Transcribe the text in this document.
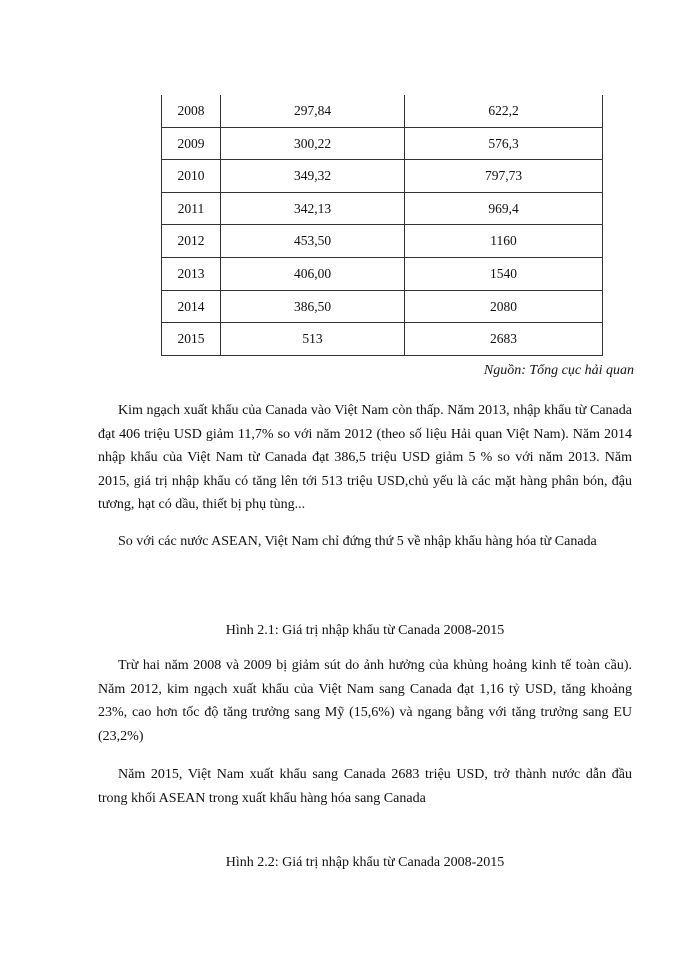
2008	297,84	622,2
2009	300,22	576,3
2010	349,32	797,73
2011	342,13	969,4
2012	453,50	1160
2013	406,00	1540
2014	386,50	2080
2015	513	2683
Nguồn: Tổng cục hải quan

Kim ngạch xuất khẩu của Canada vào Việt Nam còn thấp. Năm 2013, nhập khẩu từ Canada đạt 406 triệu USD giảm 11,7% so với năm 2012 (theo số liệu Hải quan Việt Nam). Năm 2014 nhập khẩu của Việt Nam từ Canada đạt 386,5 triệu USD giảm 5 % so với năm 2013. Năm 2015, giá trị nhập khẩu có tăng lên tới 513 triệu USD,chủ yếu là các mặt hàng phân bón, đậu tương, hạt có dầu, thiết bị phụ tùng...

So với các nước ASEAN, Việt Nam chỉ đứng thứ 5 về nhập khẩu hàng hóa từ Canada

Hình 2.1: Giá trị nhập khẩu từ Canada 2008-2015

Trừ hai năm 2008 và 2009 bị giảm sút do ảnh hưởng của khủng hoảng kinh tế toàn cầu). Năm 2012, kim ngạch xuất khẩu của Việt Nam sang Canada đạt 1,16 tỷ USD, tăng khoảng 23%, cao hơn tốc độ tăng trưởng sang Mỹ (15,6%) và ngang bằng với tăng trưởng sang EU (23,2%)

Năm 2015, Việt Nam xuất khẩu sang Canada 2683 triệu USD, trở thành nước dẫn đầu trong khối ASEAN trong xuất khẩu hàng hóa sang Canada

Hình 2.2: Giá trị nhập khẩu từ Canada 2008-2015
